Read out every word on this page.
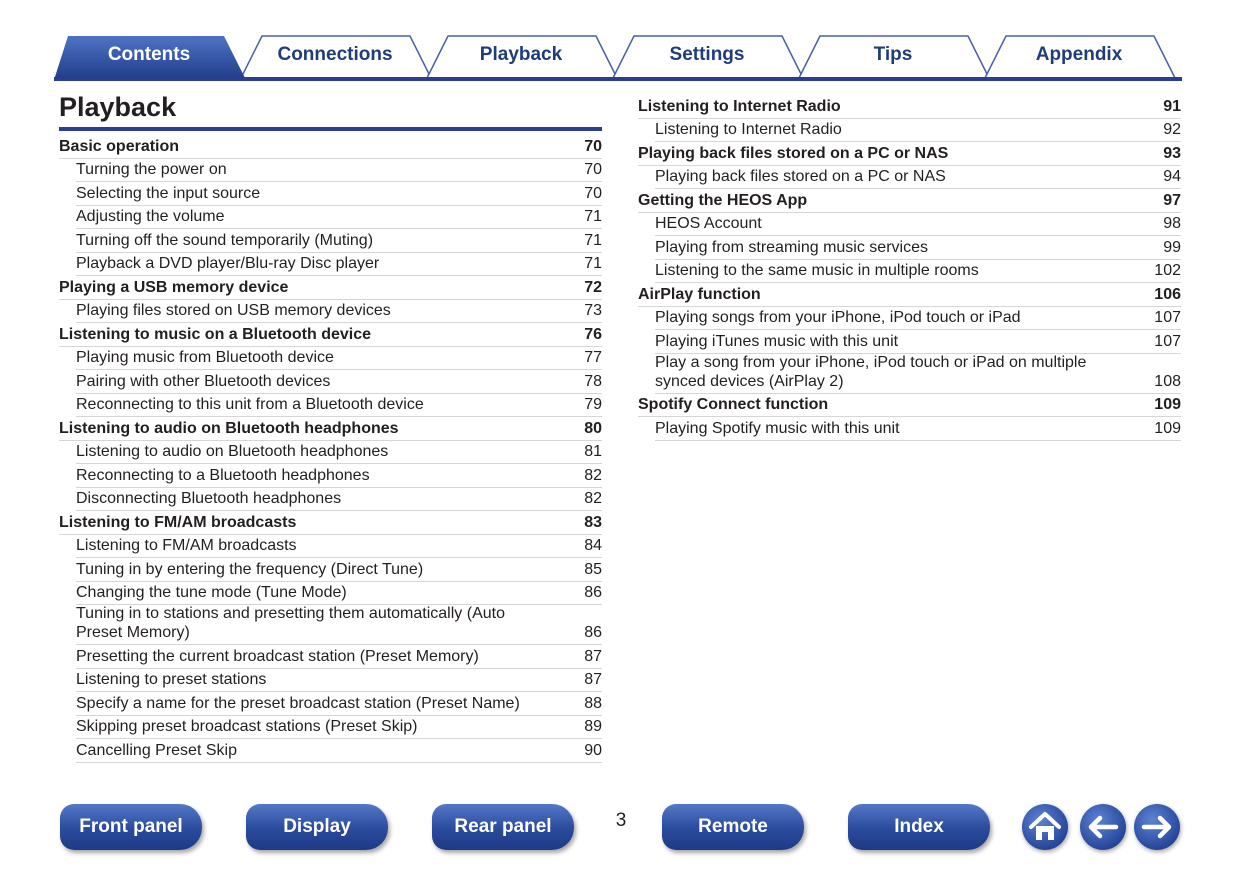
Contents	Connections	Playback	Settings	Tips	Appendix
Playback
Basic operation	70
Turning the power on	70
Selecting the input source	70
Adjusting the volume	71
Turning off the sound temporarily (Muting)	71
Playback a DVD player/Blu-ray Disc player	71
Playing a USB memory device	72
Playing files stored on USB memory devices	73
Listening to music on a Bluetooth device	76
Playing music from Bluetooth device	77
Pairing with other Bluetooth devices	78
Reconnecting to this unit from a Bluetooth device	79
Listening to audio on Bluetooth headphones	80
Listening to audio on Bluetooth headphones	81
Reconnecting to a Bluetooth headphones	82
Disconnecting Bluetooth headphones	82
Listening to FM/AM broadcasts	83
Listening to FM/AM broadcasts	84
Tuning in by entering the frequency (Direct Tune)	85
Changing the tune mode (Tune Mode)	86
Tuning in to stations and presetting them automatically (Auto Preset Memory)	86
Presetting the current broadcast station (Preset Memory)	87
Listening to preset stations	87
Specify a name for the preset broadcast station (Preset Name)	88
Skipping preset broadcast stations (Preset Skip)	89
Cancelling Preset Skip	90
Listening to Internet Radio	91
Listening to Internet Radio	92
Playing back files stored on a PC or NAS	93
Playing back files stored on a PC or NAS	94
Getting the HEOS App	97
HEOS Account	98
Playing from streaming music services	99
Listening to the same music in multiple rooms	102
AirPlay function	106
Playing songs from your iPhone, iPod touch or iPad	107
Playing iTunes music with this unit	107
Play a song from your iPhone, iPod touch or iPad on multiple synced devices (AirPlay 2)	108
Spotify Connect function	109
Playing Spotify music with this unit	109
Front panel	Display	Rear panel	3	Remote	Index
